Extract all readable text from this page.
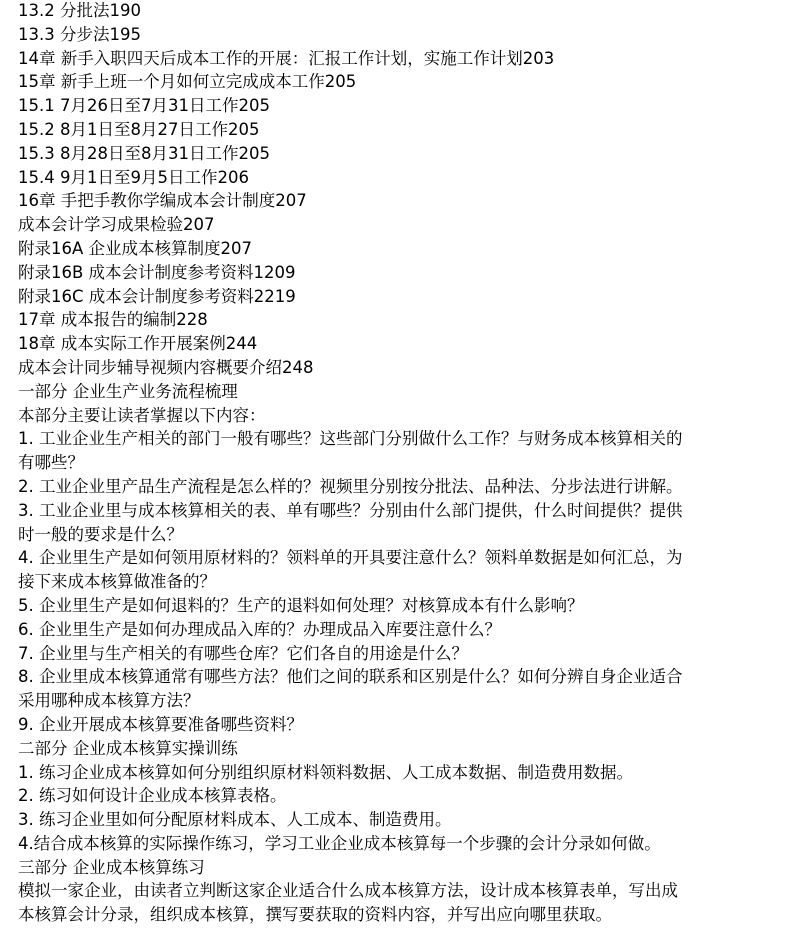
13.2 分批法190
13.3 分步法195
14章 新手入职四天后成本工作的开展：汇报工作计划，实施工作计划203
15章 新手上班一个月如何立完成成本工作205
15.1 7月26日至7月31日工作205
15.2 8月1日至8月27日工作205
15.3 8月28日至8月31日工作205
15.4 9月1日至9月5日工作206
16章 手把手教你学编成本会计制度207
成本会计学习成果检验207
附录16A 企业成本核算制度207
附录16B 成本会计制度参考资料1209
附录16C 成本会计制度参考资料2219
17章 成本报告的编制228
18章 成本实际工作开展案例244
成本会计同步辅导视频内容概要介绍248
一部分 企业生产业务流程梳理
本部分主要让读者掌握以下内容：
1. 工业企业生产相关的部门一般有哪些？这些部门分别做什么工作？与财务成本核算相关的
有哪些？
2. 工业企业里产品生产流程是怎么样的？视频里分别按分批法、品种法、分步法进行讲解。
3. 工业企业里与成本核算相关的表、单有哪些？分别由什么部门提供，什么时间提供？提供
时一般的要求是什么？
4. 企业里生产是如何领用原材料的？领料单的开具要注意什么？领料单数据是如何汇总，为
接下来成本核算做准备的？
5. 企业里生产是如何退料的？生产的退料如何处理？对核算成本有什么影响？
6. 企业里生产是如何办理成品入库的？办理成品入库要注意什么？
7. 企业里与生产相关的有哪些仓库？它们各自的用途是什么？
8. 企业里成本核算通常有哪些方法？他们之间的联系和区别是什么？如何分辨自身企业适合
采用哪种成本核算方法？
9. 企业开展成本核算要准备哪些资料？
二部分 企业成本核算实操训练
1. 练习企业成本核算如何分别组织原材料领料数据、人工成本数据、制造费用数据。
2. 练习如何设计企业成本核算表格。
3. 练习企业里如何分配原材料成本、人工成本、制造费用。
4.结合成本核算的实际操作练习，学习工业企业成本核算每一个步骤的会计分录如何做。
三部分 企业成本核算练习
模拟一家企业，由读者立判断这家企业适合什么成本核算方法，设计成本核算表单，写出成
本核算会计分录，组织成本核算，撰写要获取的资料内容，并写出应向哪里获取。
